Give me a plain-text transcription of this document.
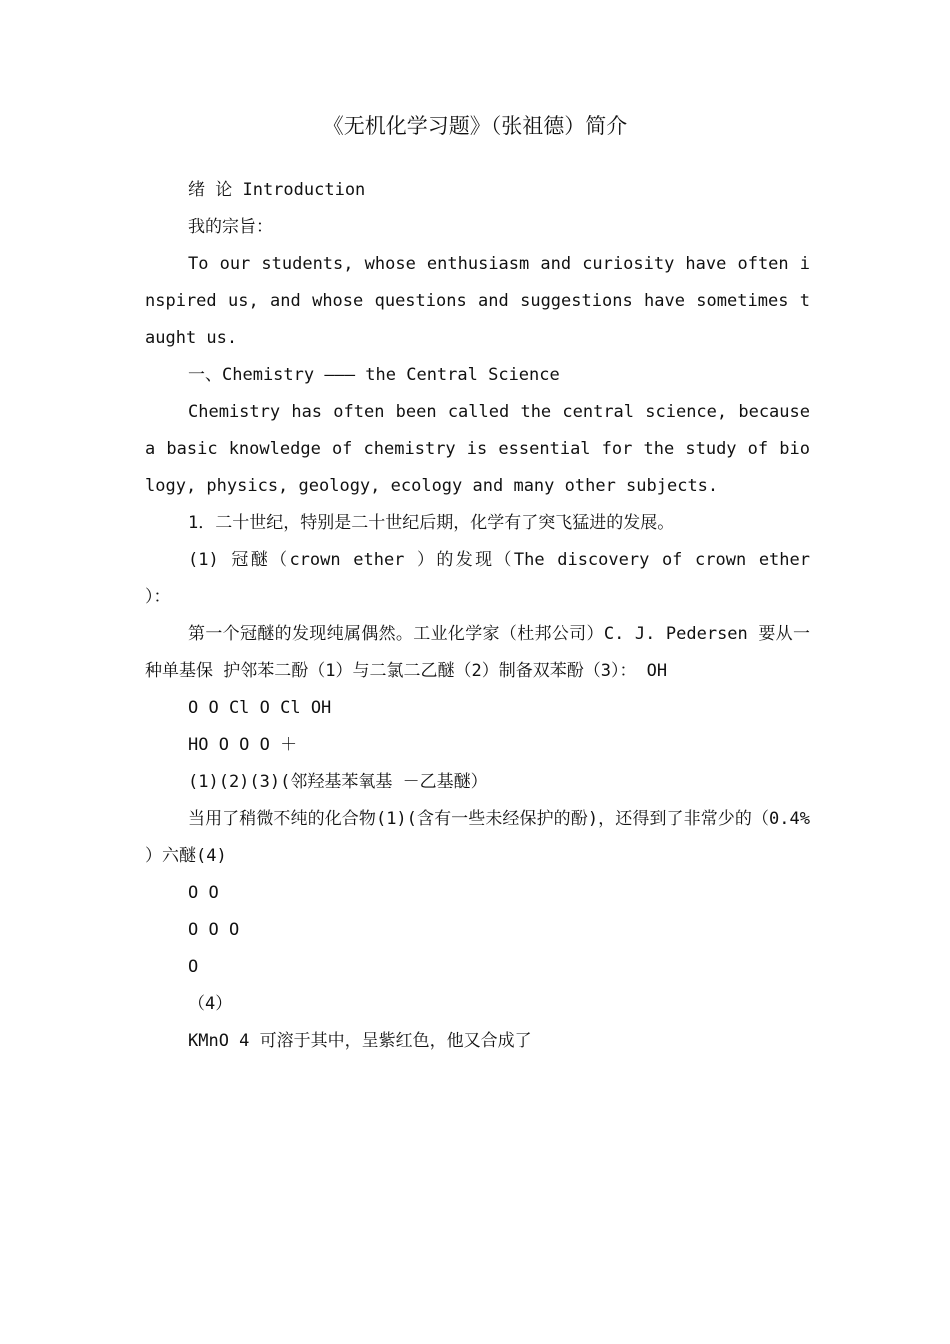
《无机化学习题》（张祖德）简介

绪 论 Introduction

我的宗旨：

To our students, whose enthusiasm and curiosity have often inspired us, and whose questions and suggestions have sometimes taught us.

一、Chemistry ——— the Central Science

Chemistry has often been called the central science, because a basic knowledge of chemistry is essential for the study of biology, physics, geology, ecology and many other subjects.

1．二十世纪，特别是二十世纪后期，化学有了突飞猛进的发展。

(1) 冠醚（crown ether ）的发现（The discovery of crown ether ）：

第一个冠醚的发现纯属偶然。工业化学家（杜邦公司）C. J. Pedersen 要从一种单基保 护邻苯二酚（1）与二氯二乙醚（2）制备双苯酚（3）： OH

O O Cl O Cl OH

HO O O O ＋

(1)(2)(3)(邻羟基苯氧基 －乙基醚）

当用了稍微不纯的化合物(1)(含有一些未经保护的酚)，还得到了非常少的（0.4% ）六醚(4)

O O

O O O

O

（4）

KMnO 4 可溶于其中，呈紫红色，他又合成了
